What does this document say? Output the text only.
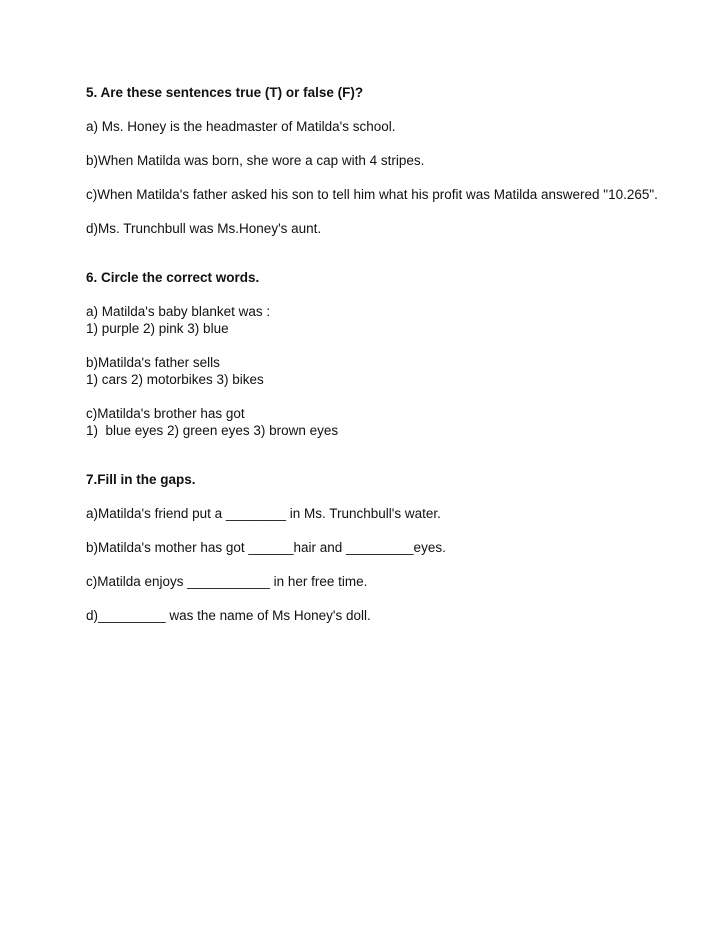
5. Are these sentences true (T) or false (F)?

a) Ms. Honey is the headmaster of Matilda's school.

b)When Matilda was born, she wore a cap with 4 stripes.

c)When Matilda's father asked his son to tell him what his profit was Matilda answered "10.265".

d)Ms. Trunchbull was Ms.Honey's aunt.

6. Circle the correct words.

a) Matilda's baby blanket was :
1) purple 2) pink 3) blue

b)Matilda's father sells
1) cars 2) motorbikes 3) bikes

c)Matilda's brother has got
1)  blue eyes 2) green eyes 3) brown eyes

7.Fill in the gaps.

a)Matilda's friend put a ________ in Ms. Trunchbull's water.

b)Matilda's mother has got ______hair and _________eyes.

c)Matilda enjoys ___________ in her free time.

d)_________ was the name of Ms Honey's doll.
